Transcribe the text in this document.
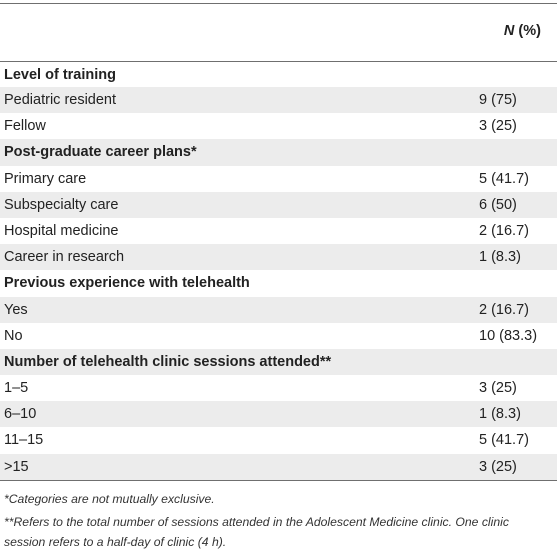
N (%)
Level of training
Pediatric resident	9 (75)
Fellow	3 (25)
Post-graduate career plans*
Primary care	5 (41.7)
Subspecialty care	6 (50)
Hospital medicine	2 (16.7)
Career in research	1 (8.3)
Previous experience with telehealth
Yes	2 (16.7)
No	10 (83.3)
Number of telehealth clinic sessions attended**
1–5	3 (25)
6–10	1 (8.3)
11–15	5 (41.7)
>15	3 (25)

*Categories are not mutually exclusive.

**Refers to the total number of sessions attended in the Adolescent Medicine clinic. One clinic session refers to a half-day of clinic (4 h).
